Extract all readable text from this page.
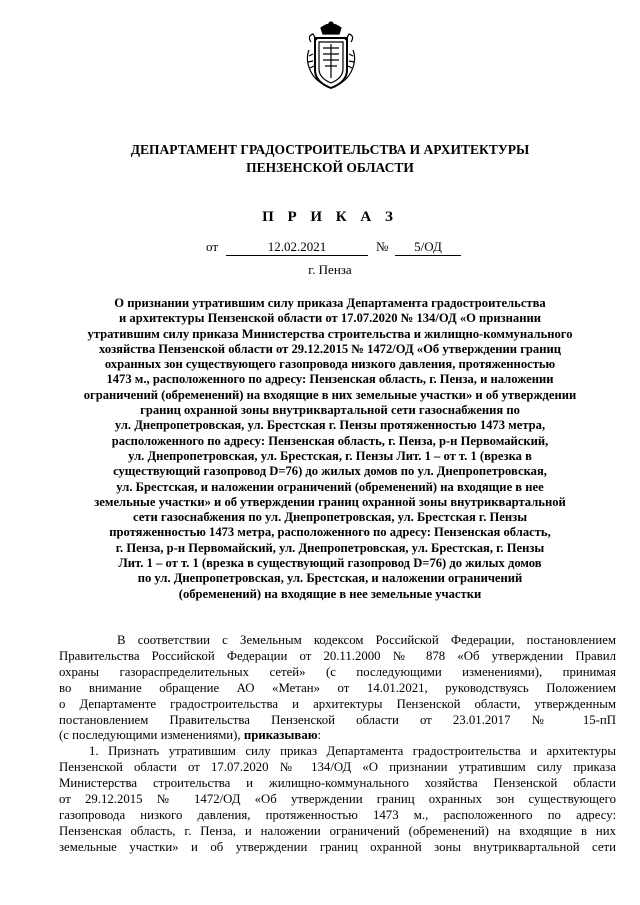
ДЕПАРТАМЕНТ ГРАДОСТРОИТЕЛЬСТВА И АРХИТЕКТУРЫ
ПЕНЗЕНСКОЙ ОБЛАСТИ
П Р И К А З
от	12.02.2021	№	5/ОД
г. Пенза
О признании утратившим силу приказа Департамента градостроительства
и архитектуры Пензенской области от 17.07.2020 № 134/ОД «О признании
утратившим силу приказа Министерства строительства и жилищно-коммунального
хозяйства Пензенской области от 29.12.2015 № 1472/ОД «Об утверждении границ
охранных зон существующего газопровода низкого давления, протяженностью
1473 м., расположенного по адресу: Пензенская область, г. Пенза, и наложении
ограничений (обременений) на входящие в них земельные участки» и об утверждении
границ охранной зоны внутриквартальной сети газоснабжения по
ул. Днепропетровская, ул. Брестская г. Пензы протяженностью 1473 метра,
расположенного по адресу: Пензенская область, г. Пенза, р-н Первомайский,
ул. Днепропетровская, ул. Брестская, г. Пензы Лит. 1 – от т. 1 (врезка в
существующий газопровод D=76) до жилых домов по ул. Днепропетровская,
ул. Брестская, и наложении ограничений (обременений) на входящие в нее
земельные участки» и об утверждении границ охранной зоны внутриквартальной
сети газоснабжения по ул. Днепропетровская, ул. Брестская г. Пензы
протяженностью 1473 метра, расположенного по адресу: Пензенская область,
г. Пенза, р-н Первомайский, ул. Днепропетровская, ул. Брестская, г. Пензы
Лит. 1 – от т. 1 (врезка в существующий газопровод D=76) до жилых домов
по ул. Днепропетровская, ул. Брестская, и наложении ограничений
(обременений) на входящие в нее земельные участки
В соответствии с Земельным кодексом Российской Федерации, постановлением
Правительства Российской Федерации от 20.11.2000 № 878 «Об утверждении Правил
охраны газораспределительных сетей» (с последующими изменениями), принимая
во внимание обращение АО «Метан» от 14.01.2021, руководствуясь Положением
о Департаменте градостроительства и архитектуры Пензенской области, утвержденным
постановлением Правительства Пензенской области от 23.01.2017 № 15-пП
(с последующими изменениями), приказываю:
1. Признать утратившим силу приказ Департамента градостроительства и архитектуры
Пензенской области от 17.07.2020 № 134/ОД «О признании утратившим силу приказа
Министерства строительства и жилищно-коммунального хозяйства Пензенской области
от 29.12.2015 № 1472/ОД «Об утверждении границ охранных зон существующего
газопровода низкого давления, протяженностью 1473 м., расположенного по адресу:
Пензенская область, г. Пенза, и наложении ограничений (обременений) на входящие в них
земельные участки» и об утверждении границ охранной зоны внутриквартальной сети
